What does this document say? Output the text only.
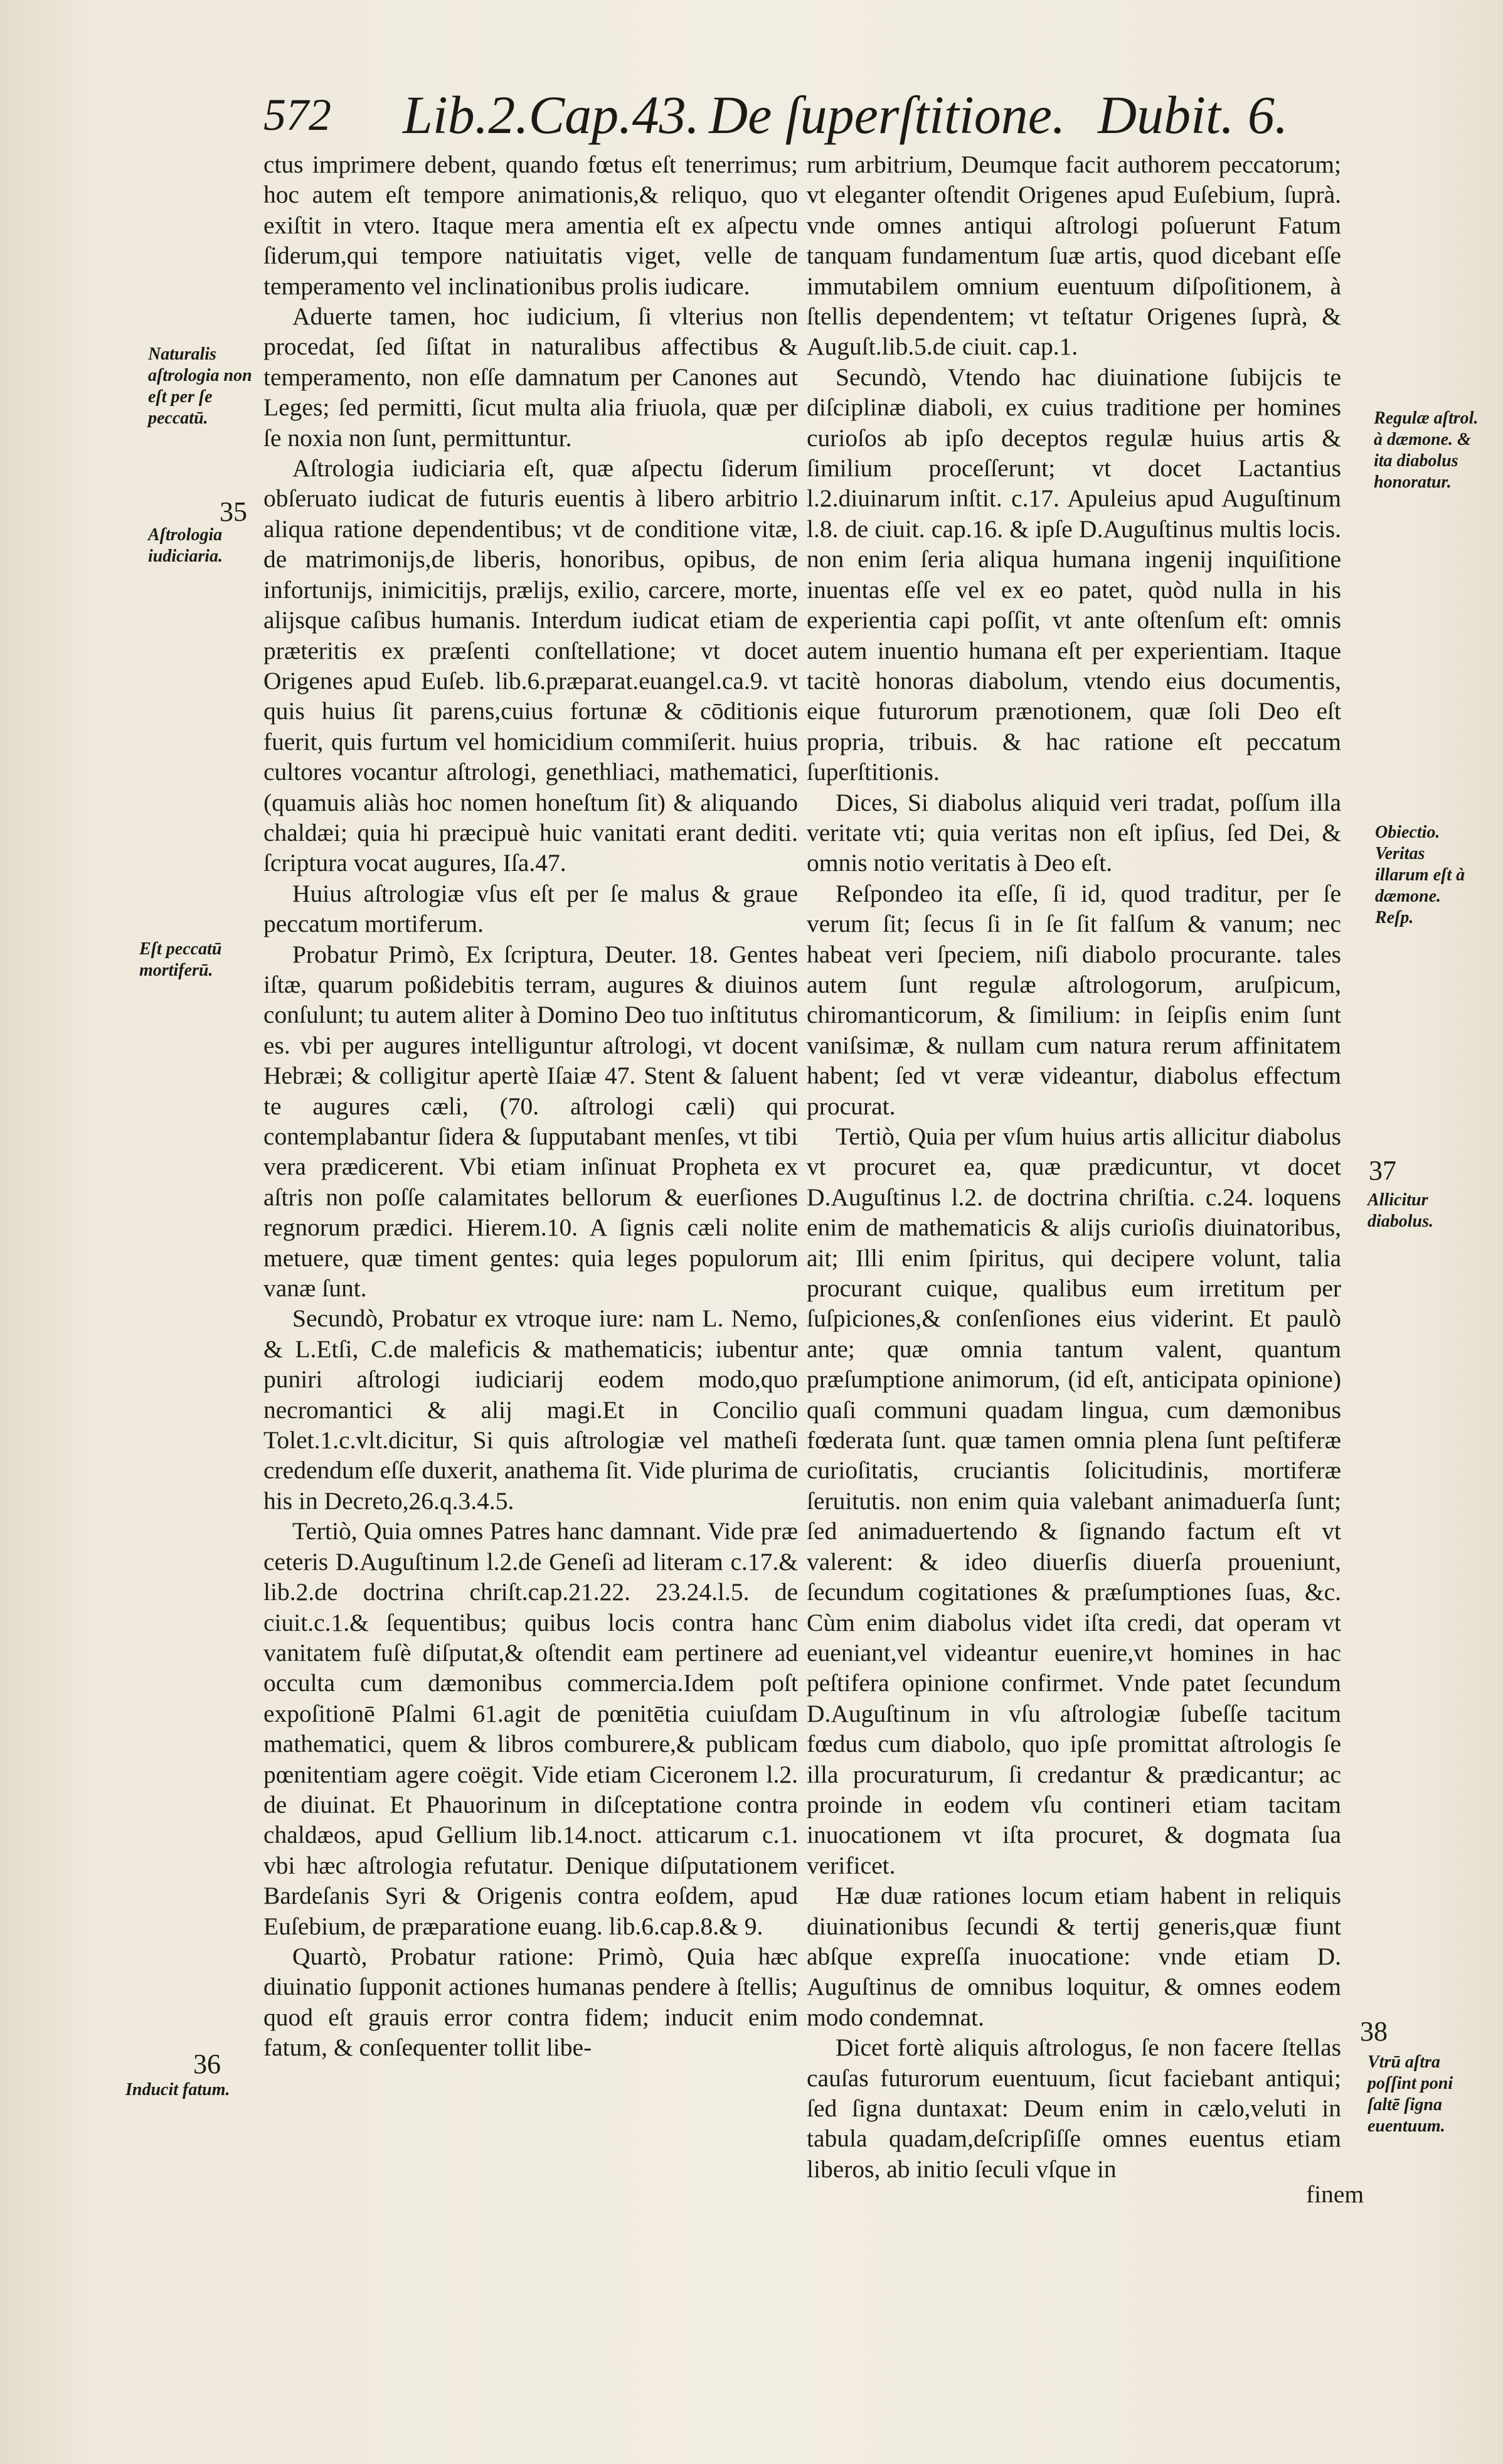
572 Lib.2.Cap.43. De ſuperſtitione. Dubit. 6.

ctus imprimere debent, quando fœtus eſt tenerrimus; hoc autem eſt tempore animationis,& reliquo, quo exiſtit in vtero. Itaque mera amentia eſt ex aſpectu ſiderum,qui tempore natiuitatis viget, velle de temperamento vel inclinationibus prolis iudicare.

Aduerte tamen, hoc iudicium, ſi vlterius non procedat, ſed ſiſtat in naturalibus affectibus & temperamento, non eſſe damnatum per Canones aut Leges; ſed permitti, ſicut multa alia friuola, quæ per ſe noxia non ſunt, permittuntur.

Aſtrologia iudiciaria eſt, quæ aſpectu ſiderum obſeruato iudicat de futuris euentis à libero arbitrio aliqua ratione dependentibus; vt de conditione vitæ, de matrimonijs,de liberis, honoribus, opibus, de infortunijs, inimicitijs, prælijs, exilio, carcere, morte, alijsque caſibus humanis. Interdum iudicat etiam de præteritis ex præſenti conſtellatione; vt docet Origenes apud Euſeb. lib.6.præparat.euangel.ca.9. vt quis huius ſit parens,cuius fortunæ & cōditionis fuerit, quis furtum vel homicidium commiſerit. huius cultores vocantur aſtrologi, genethliaci, mathematici, (quamuis aliàs hoc nomen honeſtum ſit) & aliquando chaldæi; quia hi præcipuè huic vanitati erant dediti. ſcriptura vocat augures, Iſa.47.

Huius aſtrologiæ vſus eſt per ſe malus & graue peccatum mortiferum.

Probatur Primò, Ex ſcriptura, Deuter. 18. Gentes iſtæ, quarum poßidebitis terram, augures & diuinos conſulunt; tu autem aliter à Domino Deo tuo inſtitutus es. vbi per augures intelliguntur aſtrologi, vt docent Hebræi; & colligitur apertè Iſaiæ 47. Stent & ſaluent te augures cæli, (70. aſtrologi cæli) qui contemplabantur ſidera & ſupputabant menſes, vt tibi vera prædicerent. Vbi etiam inſinuat Propheta ex aſtris non poſſe calamitates bellorum & euerſiones regnorum prædici. Hierem.10. A ſignis cæli nolite metuere, quæ timent gentes: quia leges populorum vanæ ſunt.

Secundò, Probatur ex vtroque iure: nam L. Nemo, & L.Etſi, C.de maleficis & mathematicis; iubentur puniri aſtrologi iudiciarij eodem modo,quo necromantici & alij magi.Et in Concilio Tolet.1.c.vlt.dicitur, Si quis aſtrologiæ vel matheſi credendum eſſe duxerit, anathema ſit. Vide plurima de his in Decreto,26.q.3.4.5.

Tertiò, Quia omnes Patres hanc damnant. Vide præ ceteris D.Auguſtinum l.2.de Geneſi ad literam c.17.& lib.2.de doctrina chriſt.cap.21.22. 23.24.l.5. de ciuit.c.1.& ſequentibus; quibus locis contra hanc vanitatem fuſè diſputat,& oſtendit eam pertinere ad occulta cum dæmonibus commercia.Idem poſt expoſitionē Pſalmi 61.agit de pœnitētia cuiuſdam mathematici, quem & libros comburere,& publicam pœnitentiam agere coëgit. Vide etiam Ciceronem l.2. de diuinat. Et Phauorinum in diſceptatione contra chaldæos, apud Gellium lib.14.noct. atticarum c.1. vbi hæc aſtrologia refutatur. Denique diſputationem Bardeſanis Syri & Origenis contra eoſdem, apud Euſebium, de præparatione euang. lib.6.cap.8.& 9.

Quartò, Probatur ratione: Primò, Quia hæc diuinatio ſupponit actiones humanas pendere à ſtellis; quod eſt grauis error contra fidem; inducit enim fatum, & conſequenter tollit libe-

rum arbitrium, Deumque facit authorem peccatorum; vt eleganter oſtendit Origenes apud Euſebium, ſuprà. vnde omnes antiqui aſtrologi poſuerunt Fatum tanquam fundamentum ſuæ artis, quod dicebant eſſe immutabilem omnium euentuum diſpoſitionem, à ſtellis dependentem; vt teſtatur Origenes ſuprà, & Auguſt.lib.5.de ciuit. cap.1.

Secundò, Vtendo hac diuinatione ſubijcis te diſciplinæ diaboli, ex cuius traditione per homines curioſos ab ipſo deceptos regulæ huius artis & ſimilium proceſſerunt; vt docet Lactantius l.2.diuinarum inſtit. c.17. Apuleius apud Auguſtinum l.8. de ciuit. cap.16. & ipſe D.Auguſtinus multis locis. non enim ſeria aliqua humana ingenij inquiſitione inuentas eſſe vel ex eo patet, quòd nulla in his experientia capi poſſit, vt ante oſtenſum eſt: omnis autem inuentio humana eſt per experientiam. Itaque tacitè honoras diabolum, vtendo eius documentis, eique futurorum prænotionem, quæ ſoli Deo eſt propria, tribuis. & hac ratione eſt peccatum ſuperſtitionis.

Dices, Si diabolus aliquid veri tradat, poſſum illa veritate vti; quia veritas non eſt ipſius, ſed Dei, & omnis notio veritatis à Deo eſt.

Reſpondeo ita eſſe, ſi id, quod traditur, per ſe verum ſit; ſecus ſi in ſe ſit falſum & vanum; nec habeat veri ſpeciem, niſi diabolo procurante. tales autem ſunt regulæ aſtrologorum, aruſpicum, chiromanticorum, & ſimilium: in ſeipſis enim ſunt vaniſsimæ, & nullam cum natura rerum affinitatem habent; ſed vt veræ videantur, diabolus effectum procurat.

Tertiò, Quia per vſum huius artis allicitur diabolus vt procuret ea, quæ prædicuntur, vt docet D.Auguſtinus l.2. de doctrina chriſtia. c.24. loquens enim de mathematicis & alijs curioſis diuinatoribus, ait; Illi enim ſpiritus, qui decipere volunt, talia procurant cuique, qualibus eum irretitum per ſuſpiciones,& conſenſiones eius viderint. Et paulò ante; quæ omnia tantum valent, quantum præſumptione animorum, (id eſt, anticipata opinione) quaſi communi quadam lingua, cum dæmonibus fœderata ſunt. quæ tamen omnia plena ſunt peſtiferæ curioſitatis, cruciantis ſolicitudinis, mortiferæ ſeruitutis. non enim quia valebant animaduerſa ſunt; ſed animaduertendo & ſignando factum eſt vt valerent: & ideo diuerſis diuerſa proueniunt, ſecundum cogitationes & præſumptiones ſuas, &c. Cùm enim diabolus videt iſta credi, dat operam vt eueniant,vel videantur euenire,vt homines in hac peſtifera opinione confirmet. Vnde patet ſecundum D.Auguſtinum in vſu aſtrologiæ ſubeſſe tacitum fœdus cum diabolo, quo ipſe promittat aſtrologis ſe illa procuraturum, ſi credantur & prædicantur; ac proinde in eodem vſu contineri etiam tacitam inuocationem vt iſta procuret, & dogmata ſua verificet.

Hæ duæ rationes locum etiam habent in reliquis diuinationibus ſecundi & tertij generis,quæ fiunt abſque expreſſa inuocatione: vnde etiam D. Auguſtinus de omnibus loquitur, & omnes eodem modo condemnat.

Dicet fortè aliquis aſtrologus, ſe non facere ſtellas cauſas futurorum euentuum, ſicut faciebant antiqui; ſed ſigna duntaxat: Deum enim in cælo,veluti in tabula quadam,deſcripſiſſe omnes euentus etiam liberos, ab initio ſeculi vſque in

finem
Naturalis aſtrologia non eſt per ſe peccatū.
Aſtrologia iudiciaria.
Eſt peccatū mortiferū.
Inducit fatum.
Regulæ aſtrol. à dæmone. & ita diabolus honoratur.
Obiectio. Veritas illarum eſt à dæmone. Reſp.
Allicitur diabolus.
Vtrū aſtra poſſint poni ſaltē ſigna euentuum.
35
36
37
38
